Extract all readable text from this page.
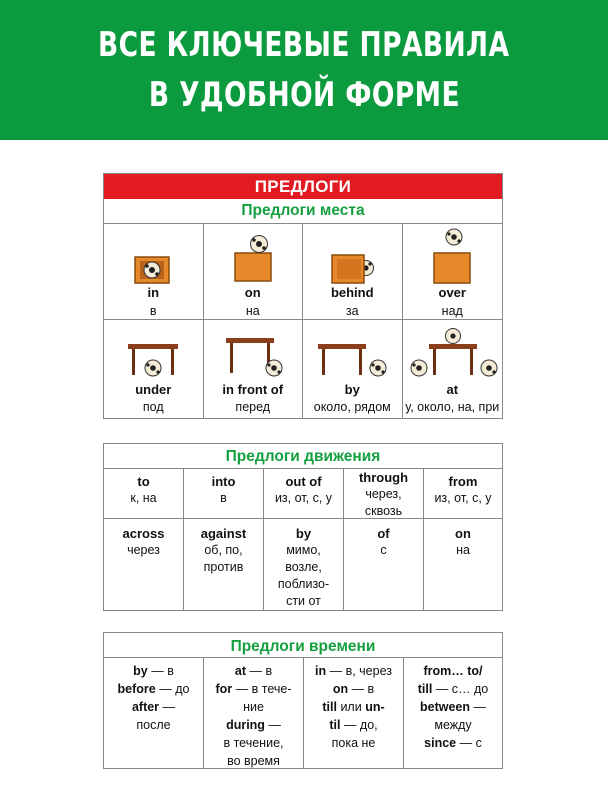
ВСЕ КЛЮЧЕВЫЕ ПРАВИЛА
В УДОБНОЙ ФОРМЕ
ПРЕДЛОГИ
Предлоги места
in
в
on
на
behind
за
over
над
under
под
in front of
перед
by
около, рядом
at
у, около, на, при
Предлоги движения
to
к, на
into
в
out of
из, от, с, у
through
через,
сквозь
from
из, от, с, у
across
через
against
об, по,
против
by
мимо,
возле,
поблизо-
сти от
of
с
on
на
Предлоги времени
by — в
before — до
after —
после
at — в
for — в тече-
ние
during —
в течение,
во время
in — в, через
on — в
till или un-
til — до,
пока не
from… to/
till — с… до
between —
между
since — с
